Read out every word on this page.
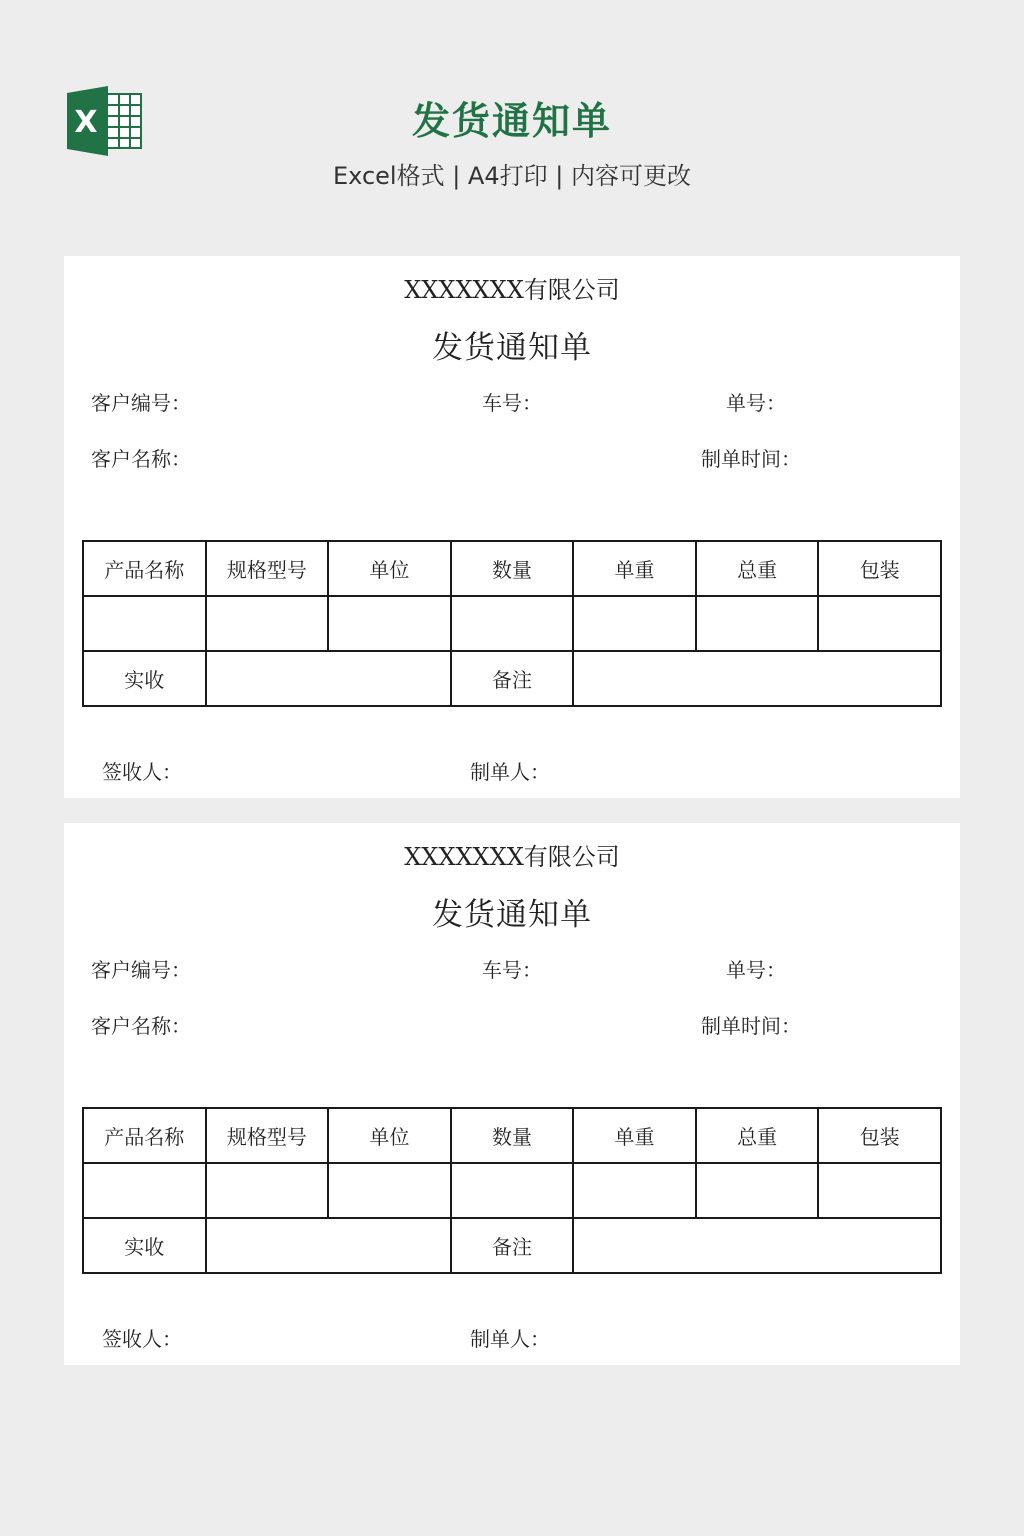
X	发货通知单
Excel格式 | A4打印 | 内容可更改
XXXXXXX有限公司
发货通知单
客户编号：	车号：	单号：
客户名称：	制单时间：
产品名称	规格型号	单位	数量	单重	总重	包装

实收			备注			
签收人：	制单人：
XXXXXXX有限公司
发货通知单
客户编号：	车号：	单号：
客户名称：	制单时间：
产品名称	规格型号	单位	数量	单重	总重	包装

实收			备注			
签收人：	制单人：
